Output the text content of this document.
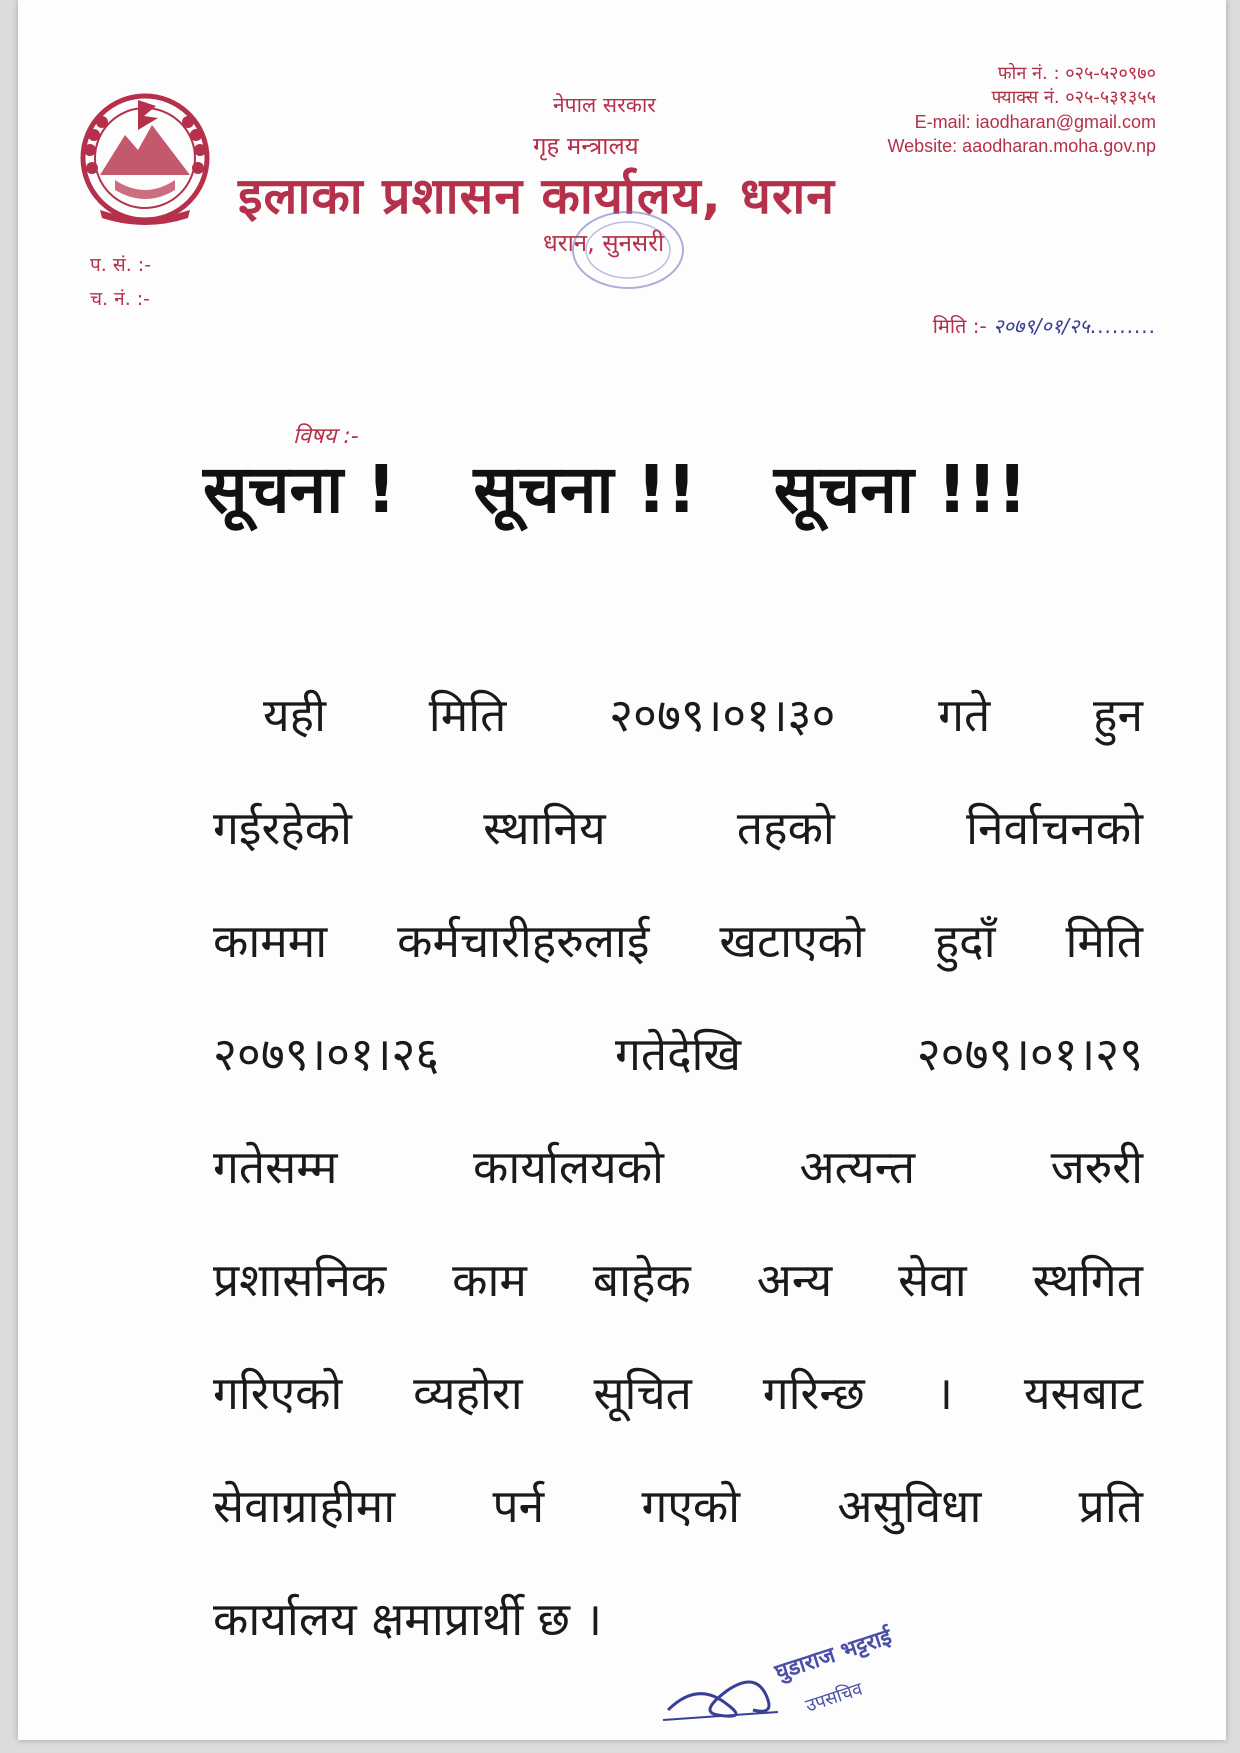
नेपाल सरकार
गृह मन्त्रालय
इलाका प्रशासन कार्यालय, धरान
धरान, सुनसरी
फोन नं. : ०२५-५२०९७०
फ्याक्स नं. ०२५-५३१३५५
E-mail: iaodharan@gmail.com
Website: aaodharan.moha.gov.np
प. सं. :-
च. नं. :-
मिति :- २०७९/०१/२५.........
विषय :-
सूचना ! सूचना !! सूचना !!!
यही मिति २०७९।०१।३० गते हुन
गईरहेको स्थानिय तहको निर्वाचनको
काममा कर्मचारीहरुलाई खटाएको हुदाँ मिति
२०७९।०१।२६ गतेदेखि २०७९।०१।२९
गतेसम्म कार्यालयको अत्यन्त जरुरी
प्रशासनिक काम बाहेक अन्य सेवा स्थगित
गरिएको व्यहोरा सूचित गरिन्छ । यसबाट
सेवाग्राहीमा पर्न गएको असुविधा प्रति
कार्यालय क्षमाप्रार्थी छ ।
घुडाराज भट्टराई
उपसचिव
